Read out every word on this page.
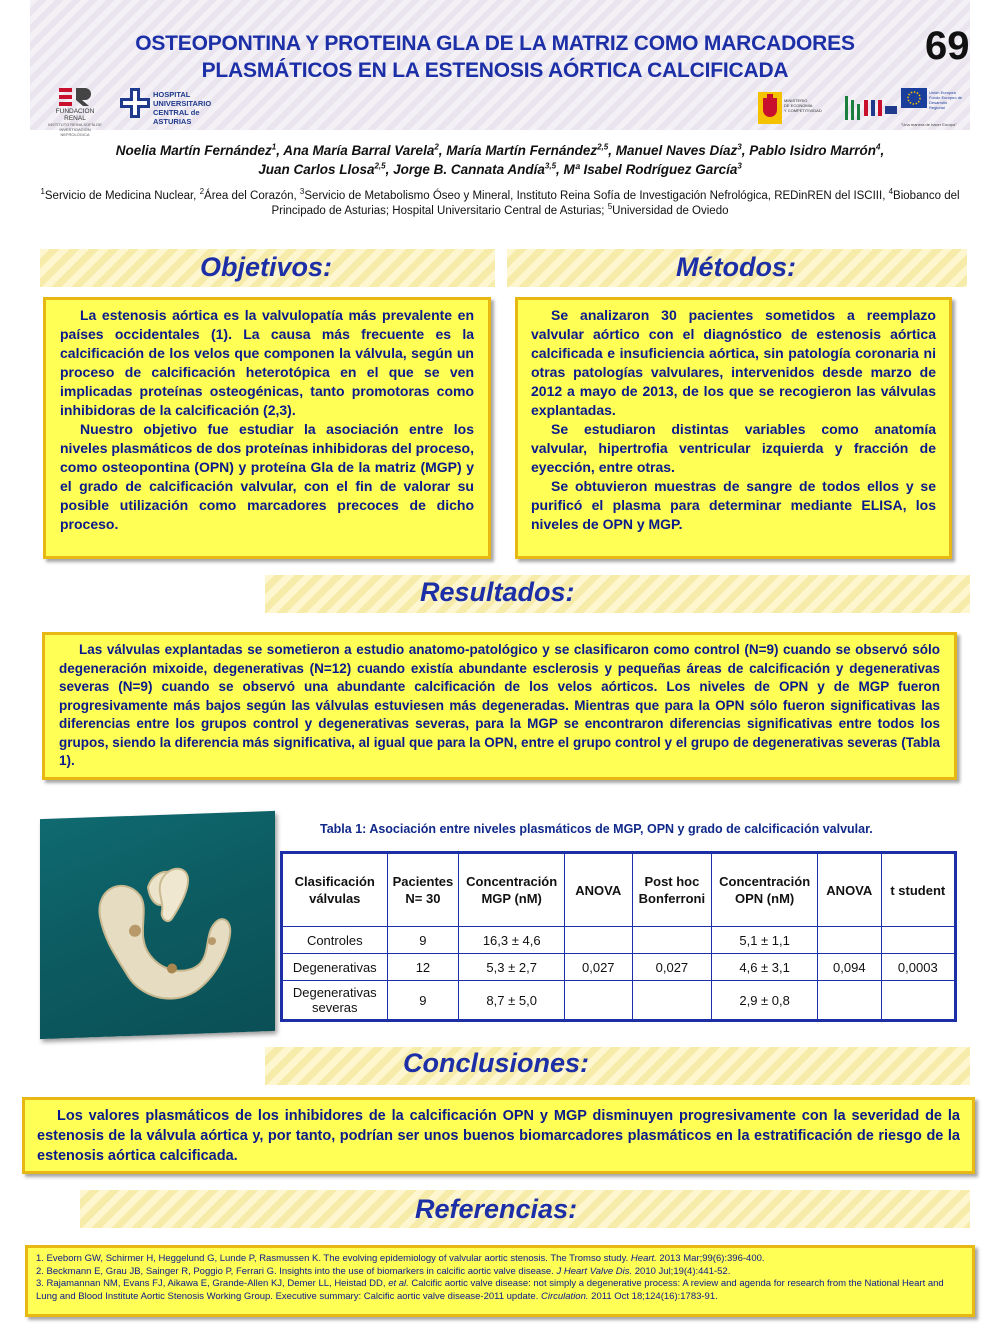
OSTEOPONTINA Y PROTEINA GLA DE LA MATRIZ COMO MARCADORES
PLASMÁTICOS EN LA ESTENOSIS AÓRTICA CALCIFICADA
69
FUNDACION RENAL
INSTITUTO REINA SOFÍA DE INVESTIGACIÓN NEFROLÓGICA
HOSPITAL
UNIVERSITARIO
CENTRAL de
ASTURIAS
MINISTERIO
DE ECONOMÍA
Y COMPETITIVIDAD
Unión Europea
Fondo Europeo de
Desarrollo Regional
"Una manera de hacer Europa"
Noelia Martín Fernández$^1$, Ana María Barral Varela$^2$, María Martín Fernández$^{2,5}$, Manuel Naves Díaz$^3$, Pablo Isidro Marrón$^4$,
Juan Carlos Llosa$^{2,5}$, Jorge B. Cannata Andía$^{3,5}$, Mª Isabel Rodríguez García$^3$
$^1$Servicio de Medicina Nuclear, $^2$Área del Corazón, $^3$Servicio de Metabolismo Óseo y Mineral, Instituto Reina Sofía de Investigación Nefrológica, REDinREN del ISCIII, $^4$Biobanco del Principado de Asturias; Hospital Universitario Central de Asturias; $^5$Universidad de Oviedo
Objetivos:	Métodos:

La estenosis aórtica es la valvulopatía más prevalente en países occidentales (1). La causa más frecuente es la calcificación de los velos que componen la válvula, según un proceso de calcificación heterotópica en el que se ven implicadas proteínas osteogénicas, tanto promotoras como inhibidoras de la calcificación (2,3).

Nuestro objetivo fue estudiar la asociación entre los niveles plasmáticos de dos proteínas inhibidoras del proceso, como osteopontina (OPN) y proteína Gla de la matriz (MGP) y el grado de calcificación valvular, con el fin de valorar su posible utilización como marcadores precoces de dicho proceso.

Se analizaron 30 pacientes sometidos a reemplazo valvular aórtico con el diagnóstico de estenosis aórtica calcificada e insuficiencia aórtica, sin patología coronaria ni otras patologías valvulares, intervenidos desde marzo de 2012 a mayo de 2013, de los que se recogieron las válvulas explantadas.

Se estudiaron distintas variables como anatomía valvular, hipertrofia ventricular izquierda y fracción de eyección, entre otras.

Se obtuvieron muestras de sangre de todos ellos y se purificó el plasma para determinar mediante ELISA, los niveles de OPN y MGP.

Resultados:

Las válvulas explantadas se sometieron a estudio anatomo-patológico y se clasificaron como control (N=9) cuando se observó sólo degeneración mixoide, degenerativas (N=12) cuando existía abundante esclerosis y pequeñas áreas de calcificación y degenerativas severas (N=9) cuando se observó una abundante calcificación de los velos aórticos. Los niveles de OPN y de MGP fueron progresivamente más bajos según las válvulas estuviesen más degeneradas. Mientras que para la OPN sólo fueron significativas las diferencias entre los grupos control y degenerativas severas, para la MGP se encontraron diferencias significativas entre todos los grupos, siendo la diferencia más significativa, al igual que para la OPN, entre el grupo control y el grupo de degenerativas severas (Tabla 1).

Tabla 1: Asociación entre niveles plasmáticos de MGP, OPN y grado de calcificación valvular.
Clasificación válvulas	Pacientes N= 30	Concentración MGP (nM)	ANOVA	Post hoc Bonferroni	Concentración OPN (nM)	ANOVA	t student
Controles	9	16,3 ± 4,6			5,1 ± 1,1		
Degenerativas	12	5,3 ± 2,7	0,027	0,027	4,6 ± 3,1	0,094	0,0003
Degenerativas severas	9	8,7 ± 5,0			2,9 ± 0,8		
Conclusiones:

Los valores plasmáticos de los inhibidores de la calcificación OPN y MGP disminuyen progresivamente con la severidad de la estenosis de la válvula aórtica y, por tanto, podrían ser unos buenos biomarcadores plasmáticos en la estratificación de riesgo de la estenosis aórtica calcificada.

Referencias:

1. Eveborn GW, Schirmer H, Heggelund G, Lunde P, Rasmussen K. The evolving epidemiology of valvular aortic stenosis. The Tromso study. Heart. 2013 Mar;99(6):396-400.

2. Beckmann E, Grau JB, Sainger R, Poggio P, Ferrari G. Insights into the use of biomarkers in calcific aortic valve disease. J Heart Valve Dis. 2010 Jul;19(4):441-52.

3. Rajamannan NM, Evans FJ, Aikawa E, Grande-Allen KJ, Demer LL, Heistad DD, et al. Calcific aortic valve disease: not simply a degenerative process: A review and agenda for research from the National Heart and Lung and Blood Institute Aortic Stenosis Working Group. Executive summary: Calcific aortic valve disease-2011 update. Circulation. 2011 Oct 18;124(16):1783-91.
